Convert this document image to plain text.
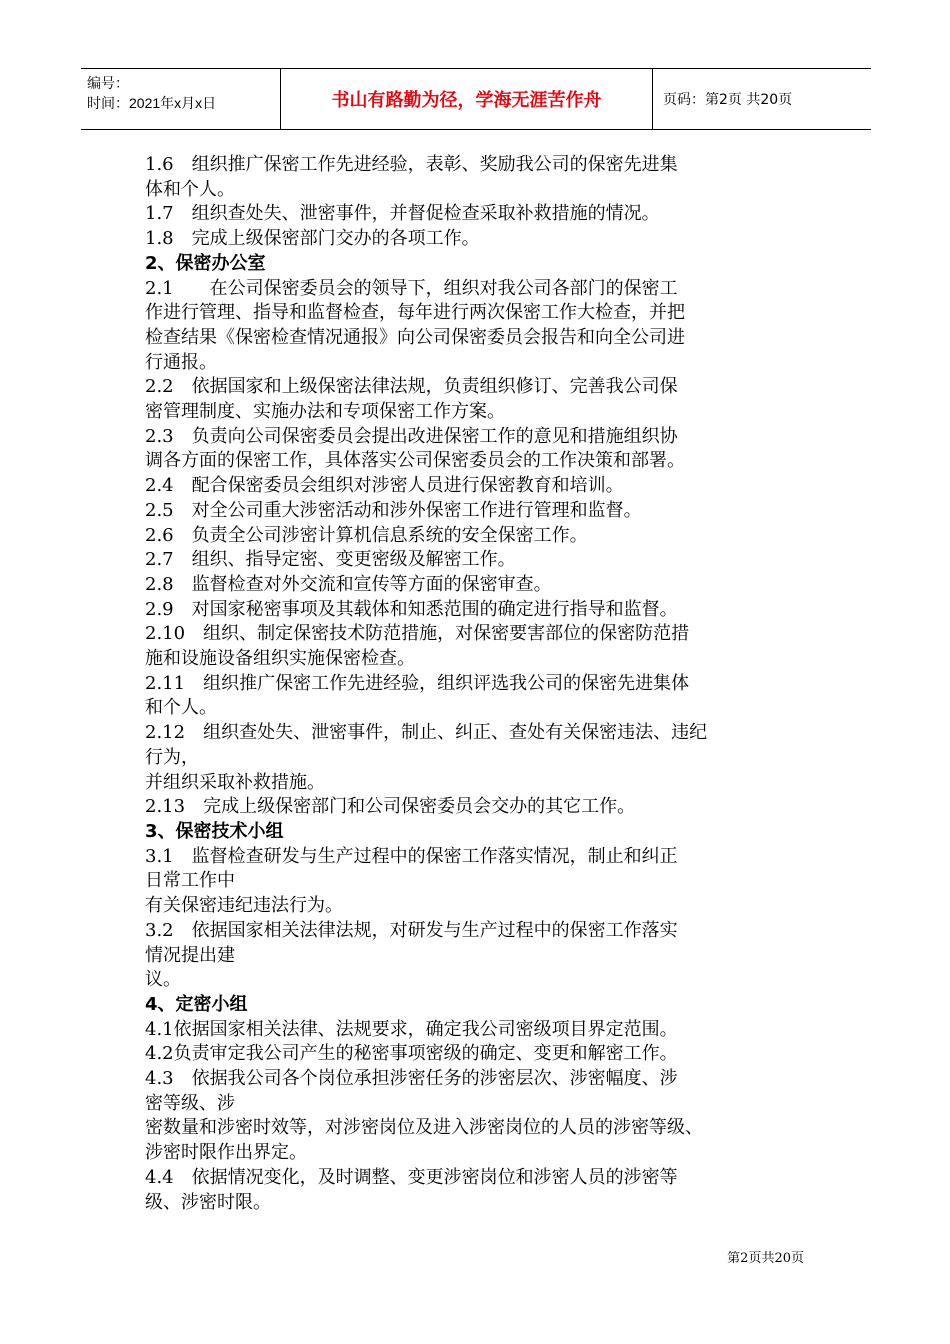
编号：
时间：2021年x月x日	书山有路勤为径，学海无涯苦作舟	页码：第2页 共20页

1.6　组织推广保密工作先进经验，表彰、奖励我公司的保密先进集

体和个人。

1.7　组织查处失、泄密事件，并督促检查采取补救措施的情况。

1.8　完成上级保密部门交办的各项工作。

2、保密办公室

2.1　　在公司保密委员会的领导下，组织对我公司各部门的保密工

作进行管理、指导和监督检查，每年进行两次保密工作大检查，并把

检查结果《保密检查情况通报》向公司保密委员会报告和向全公司进

行通报。

2.2　依据国家和上级保密法律法规，负责组织修订、完善我公司保

密管理制度、实施办法和专项保密工作方案。

2.3　负责向公司保密委员会提出改进保密工作的意见和措施组织协

调各方面的保密工作，具体落实公司保密委员会的工作决策和部署。

2.4　配合保密委员会组织对涉密人员进行保密教育和培训。

2.5　对全公司重大涉密活动和涉外保密工作进行管理和监督。

2.6　负责全公司涉密计算机信息系统的安全保密工作。

2.7　组织、指导定密、变更密级及解密工作。

2.8　监督检查对外交流和宣传等方面的保密审查。

2.9　对国家秘密事项及其载体和知悉范围的确定进行指导和监督。

2.10　组织、制定保密技术防范措施，对保密要害部位的保密防范措

施和设施设备组织实施保密检查。

2.11　组织推广保密工作先进经验，组织评选我公司的保密先进集体

和个人。

2.12　组织查处失、泄密事件，制止、纠正、查处有关保密违法、违纪

行为，

并组织采取补救措施。

2.13　完成上级保密部门和公司保密委员会交办的其它工作。

3、保密技术小组

3.1　监督检查研发与生产过程中的保密工作落实情况，制止和纠正

日常工作中

有关保密违纪违法行为。

3.2　依据国家相关法律法规，对研发与生产过程中的保密工作落实

情况提出建

议。

4、定密小组

4.1依据国家相关法律、法规要求，确定我公司密级项目界定范围。

4.2负责审定我公司产生的秘密事项密级的确定、变更和解密工作。

4.3　依据我公司各个岗位承担涉密任务的涉密层次、涉密幅度、涉

密等级、涉

密数量和涉密时效等，对涉密岗位及进入涉密岗位的人员的涉密等级、

涉密时限作出界定。

4.4　依据情况变化，及时调整、变更涉密岗位和涉密人员的涉密等

级、涉密时限。

第2页共20页
